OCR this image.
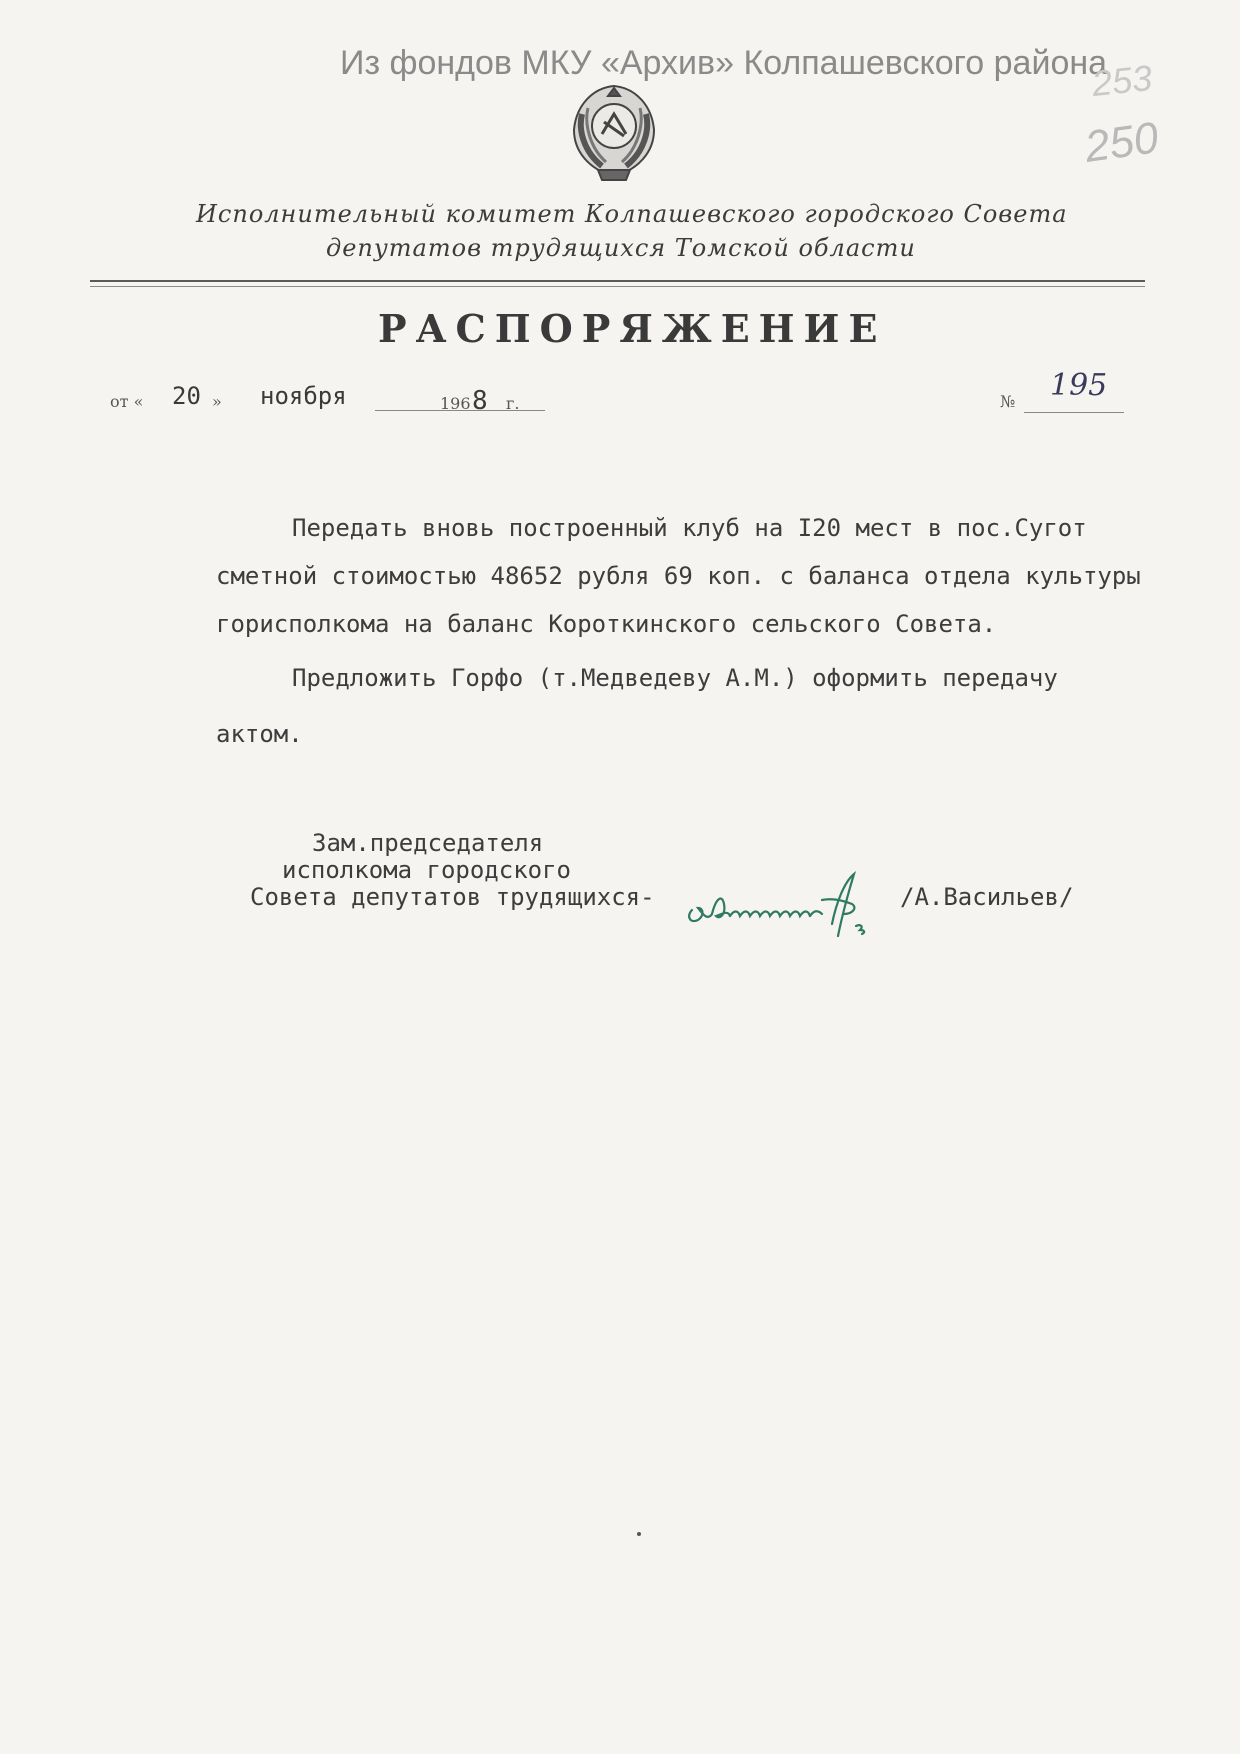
Из фондов МКУ «Архив» Колпашевского района
253
250
Исполнительный комитет Колпашевского городского Совета
депутатов трудящихся Томской области
РАСПОРЯЖЕНИЕ
от « 20 » ноября	196 8 г.	№ 195
Передать вновь построенный клуб на I20 мест в пос.Сугот
сметной стоимостью 48652 рубля 69 коп. с баланса отдела культуры
горисполкома на баланс Короткинского сельского Совета.
Предложить Горфо (т.Медведеву А.М.) оформить передачу
актом.
Зам.председателя
исполкома городского
Совета депутатов трудящихся-	/А.Васильев/
